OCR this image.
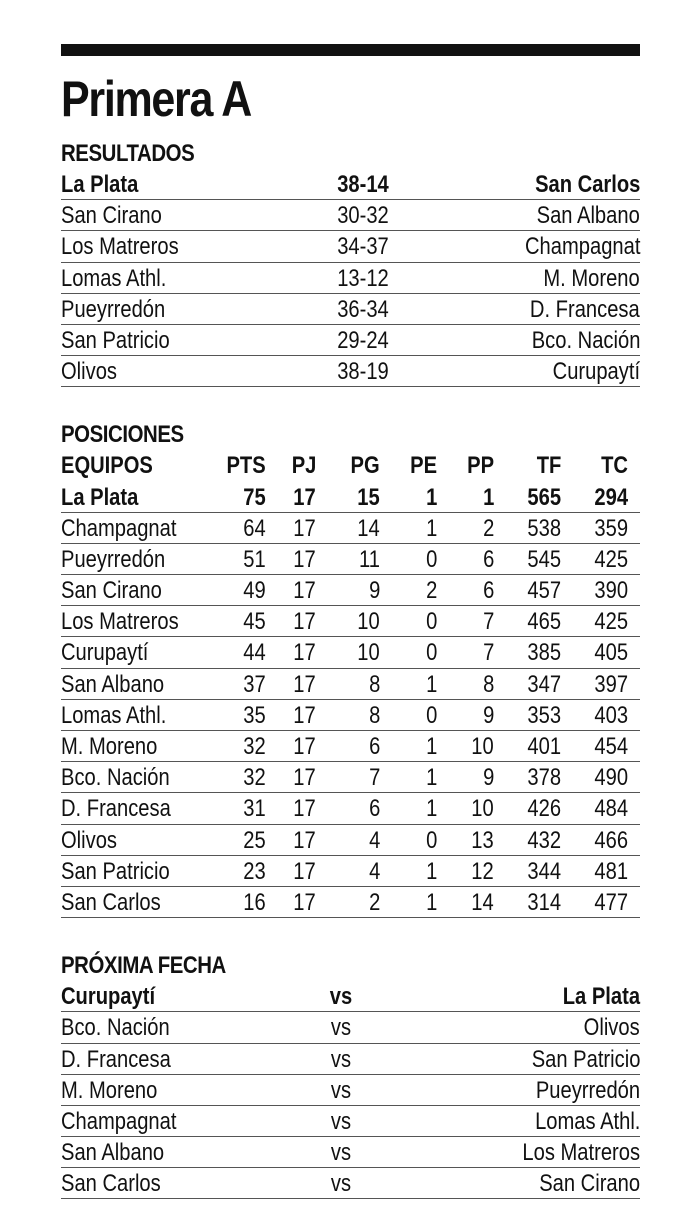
Primera A
RESULTADOS
La Plata	38-14	San Carlos
San Cirano	30-32	San Albano
Los Matreros	34-37	Champagnat
Lomas Athl.	13-12	M. Moreno
Pueyrredón	36-34	D. Francesa
San Patricio	29-24	Bco. Nación
Olivos	38-19	Curupaytí
POSICIONES
EQUIPOS	PTS PJ PG PE PP TF TC
La Plata	75 17 15 1 1 565 294
Champagnat	64 17 14 1 2 538 359
Pueyrredón	51 17 11 0 6 545 425
San Cirano	49 17 9 2 6 457 390
Los Matreros	45 17 10 0 7 465 425
Curupaytí	44 17 10 0 7 385 405
San Albano	37 17 8 1 8 347 397
Lomas Athl.	35 17 8 0 9 353 403
M. Moreno	32 17 6 1 10 401 454
Bco. Nación	32 17 7 1 9 378 490
D. Francesa	31 17 6 1 10 426 484
Olivos	25 17 4 0 13 432 466
San Patricio	23 17 4 1 12 344 481
San Carlos	16 17 2 1 14 314 477
PRÓXIMA FECHA
Curupaytí	vs	La Plata
Bco. Nación	vs	Olivos
D. Francesa	vs	San Patricio
M. Moreno	vs	Pueyrredón
Champagnat	vs	Lomas Athl.
San Albano	vs	Los Matreros
San Carlos	vs	San Cirano
